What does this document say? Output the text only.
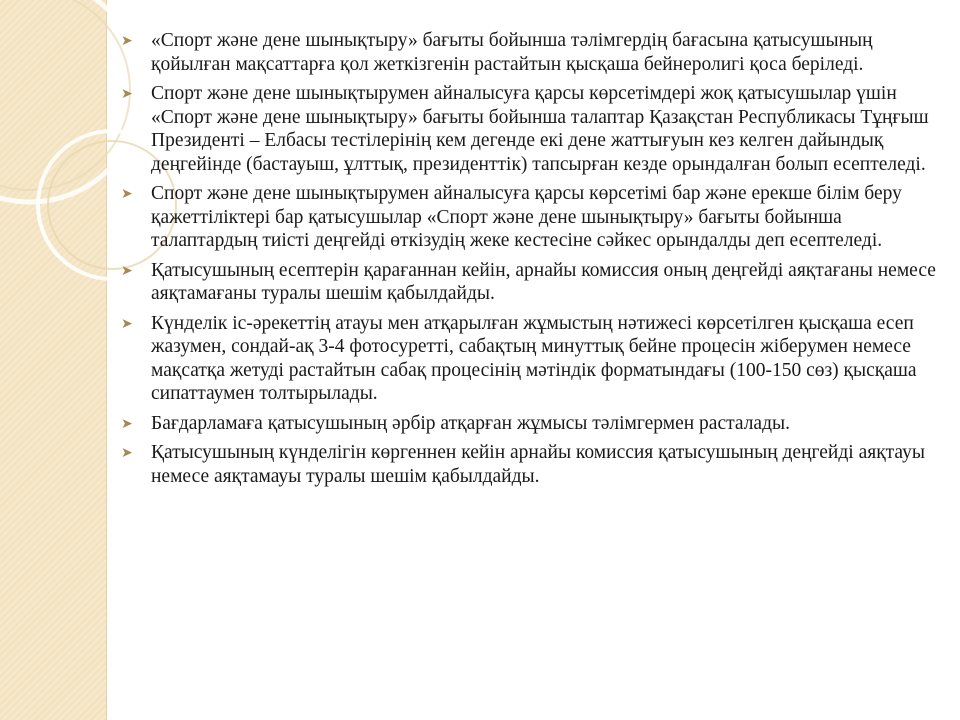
➤ «Спорт және дене шынықтыру» бағыты бойынша тәлімгердің бағасына қатысушының қойылған мақсаттарға қол жеткізгенін растайтын қысқаша бейнеролигі қоса беріледі.
➤ Спорт және дене шынықтырумен айналысуға қарсы көрсетімдері жоқ қатысушылар үшін «Спорт және дене шынықтыру» бағыты бойынша талаптар Қазақстан Республикасы Тұңғыш Президенті – Елбасы тестілерінің кем дегенде екі дене жаттығуын кез келген дайындық деңгейінде (бастауыш, ұлттық, президенттік) тапсырған кезде орындалған болып есептеледі.
➤ Спорт және дене шынықтырумен айналысуға қарсы көрсетімі бар және ерекше білім беру қажеттіліктері бар қатысушылар «Спорт және дене шынықтыру» бағыты бойынша талаптардың тиісті деңгейді өткізудің жеке кестесіне сәйкес орындалды деп есептеледі.
➤ Қатысушының есептерін қарағаннан кейін, арнайы комиссия оның деңгейді аяқтағаны немесе аяқтамағаны туралы шешім қабылдайды.
➤ Күнделік іс-әрекеттің атауы мен атқарылған жұмыстың нәтижесі көрсетілген қысқаша есеп жазумен, сондай-ақ 3-4 фотосуретті, сабақтың минуттық бейне процесін жіберумен немесе мақсатқа жетуді растайтын сабақ процесінің мәтіндік форматындағы (100-150 сөз) қысқаша сипаттаумен толтырылады.
➤ Бағдарламаға қатысушының әрбір атқарған жұмысы тәлімгермен расталады.
➤ Қатысушының күнделігін көргеннен кейін арнайы комиссия қатысушының деңгейді аяқтауы немесе аяқтамауы туралы шешім қабылдайды.
